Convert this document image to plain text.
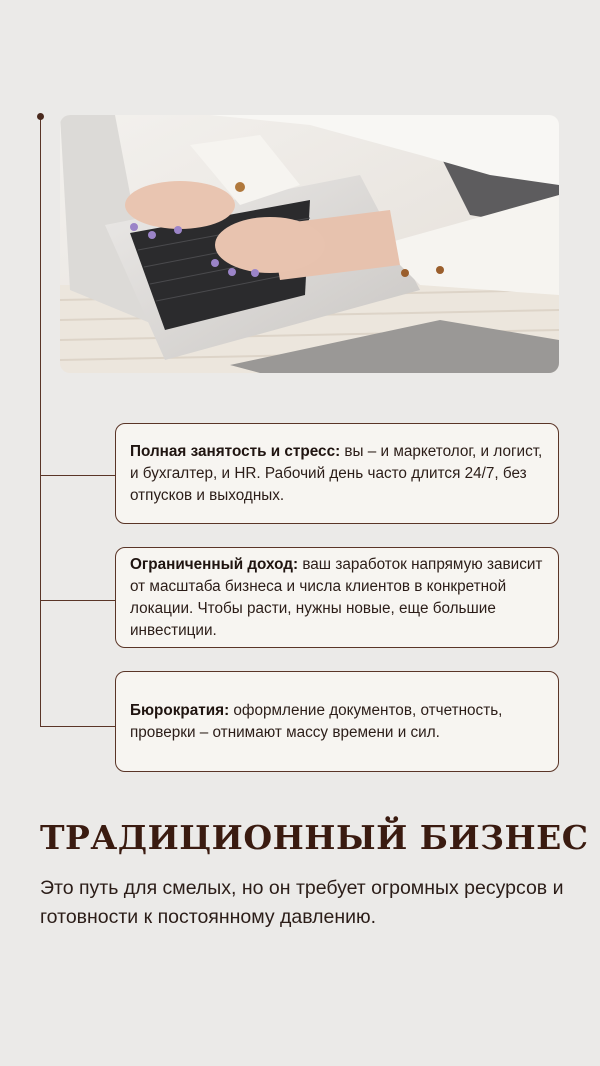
Полная занятость и стресс: вы – и маркетолог, и логист, и бухгалтер, и HR. Рабочий день часто длится 24/7, без отпусков и выходных.
Ограниченный доход: ваш заработок напрямую зависит от масштаба бизнеса и числа клиентов в конкретной локации. Чтобы расти, нужны новые, еще большие инвестиции.
Бюрократия: оформление документов, отчетность, проверки – отнимают массу времени и сил.
ТРАДИЦИОННЫЙ БИЗНЕС

Это путь для смелых, но он требует огромных ресурсов и готовности к постоянному давлению.
